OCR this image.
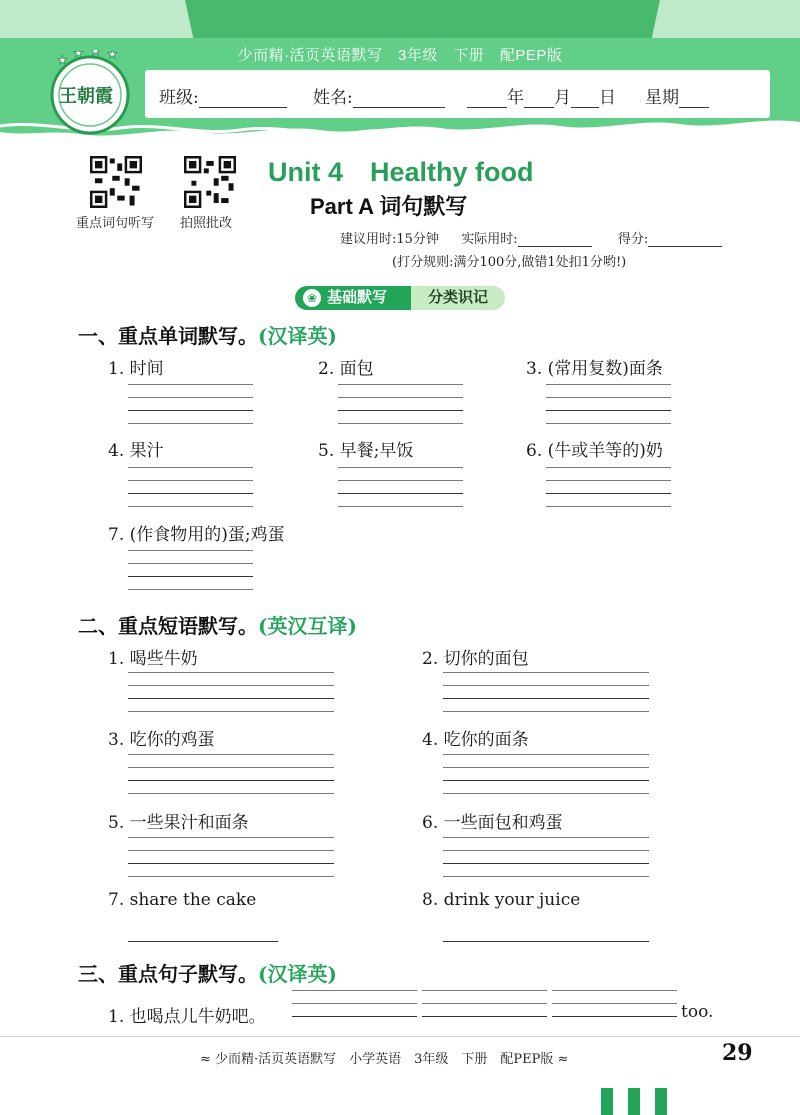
少而精·活页英语默写　3年级　下册　配PEP版
★ ★ ★ ★
王朝霞	班级:	姓名:	年 月 日 星期
重点词句听写 拍照批改
Unit 4　Healthy food
Part A 词句默写
建议用时:15分钟 实际用时:	得分:
(打分规则:满分100分,做错1处扣1分哟!)
❀ 基础默写	分类识记
一、重点单词默写。(汉译英)
1. 时间	2. 面包	3. (常用复数)面条
4. 果汁	5. 早餐;早饭	6. (牛或羊等的)奶
7. (作食物用的)蛋;鸡蛋
二、重点短语默写。(英汉互译)
1. 喝些牛奶	2. 切你的面包
3. 吃你的鸡蛋	4. 吃你的面条
5. 一些果汁和面条	6. 一些面包和鸡蛋
7. share the cake	8. drink your juice
三、重点句子默写。(汉译英)
1. 也喝点儿牛奶吧。	too.
≈ 少而精·活页英语默写　小学英语　3年级　下册　配PEP版 ≈	29
